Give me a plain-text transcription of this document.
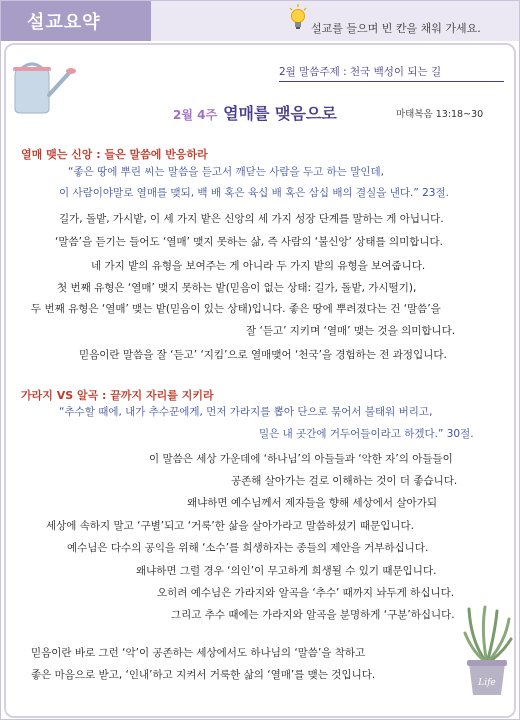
설교요약	설교를 들으며 빈 칸을 채워 가세요.
2월 말씀주제 : 천국 백성이 되는 길
2월 4주 열매를 맺음으로	마태복음 13:18~30
열매 맺는 신앙 : 들은 말씀에 반응하라
“좋은 땅에 뿌린 씨는 말씀을 듣고서 깨닫는 사람을 두고 하는 말인데,
이 사람이야말로 열매를 맺되, 백 배 혹은 육십 배 혹은 삼십 배의 결실을 낸다.” 23절.
길가, 돌밭, 가시밭, 이 세 가지 밭은 신앙의 세 가지 성장 단계를 말하는 게 아닙니다.
‘말씀’을 듣기는 들어도 ‘열매’ 맺지 못하는 삶, 즉 사람의 ‘불신앙’ 상태를 의미합니다.
네 가지 밭의 유형을 보여주는 게 아니라 두 가지 밭의 유형을 보여줍니다.
첫 번째 유형은 ‘열매’ 맺지 못하는 밭(믿음이 없는 상태: 길가, 돌밭, 가시떨기),
두 번째 유형은 ‘열매’ 맺는 밭(믿음이 있는 상태)입니다. 좋은 땅에 뿌려졌다는 건 ‘말씀’을
잘 ‘듣고’ 지키며 ‘열매’ 맺는 것을 의미합니다.
믿음이란 말씀을 잘 ‘듣고’ ‘지킴’으로 열매맺어 ‘천국’을 경험하는 전 과정입니다.
가라지 VS 알곡 : 끝까지 자리를 지키라
“추수할 때에, 내가 추수꾼에게, 먼저 가라지를 뽑아 단으로 묶어서 불태워 버리고,
밀은 내 곳간에 거두어들이라고 하겠다.” 30절.
이 말씀은 세상 가운데에 ‘하나님’의 아들들과 ‘악한 자’의 아들들이
공존해 살아가는 걸로 이해하는 것이 더 좋습니다.
왜냐하면 예수님께서 제자들을 향해 세상에서 살아가되
세상에 속하지 말고 ‘구별’되고 ‘거룩’한 삶을 살아가라고 말씀하셨기 때문입니다.
예수님은 다수의 공익을 위해 ‘소수’를 희생하자는 종들의 제안을 거부하십니다.
왜냐하면 그럴 경우 ‘의인’이 무고하게 희생될 수 있기 때문입니다.
오히려 예수님은 가라지와 알곡을 ‘추수’ 때까지 놔두게 하십니다.
그리고 추수 때에는 가라지와 알곡을 분명하게 ‘구분’하십니다.
믿음이란 바로 그런 ‘악’이 공존하는 세상에서도 하나님의 ‘말씀’을 착하고
좋은 마음으로 받고, ‘인내’하고 지켜서 거룩한 삶의 ‘열매’를 맺는 것입니다.
Life
